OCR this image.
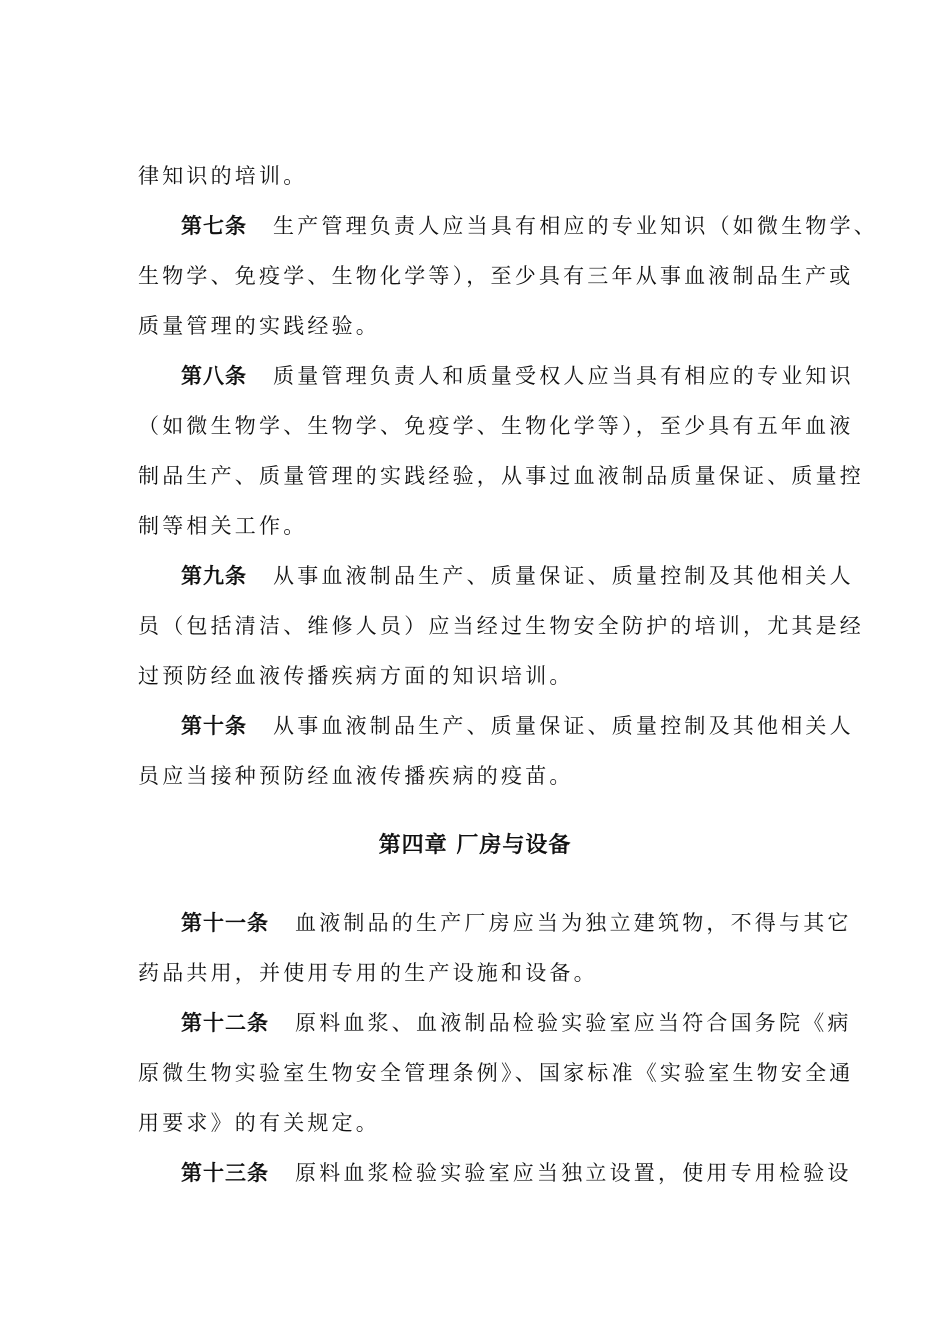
律知识的培训。
第七条 生产管理负责人应当具有相应的专业知识（如微生物学、
生物学、免疫学、生物化学等），至少具有三年从事血液制品生产或
质量管理的实践经验。
第八条 质量管理负责人和质量受权人应当具有相应的专业知识
（如微生物学、生物学、免疫学、生物化学等），至少具有五年血液
制品生产、质量管理的实践经验，从事过血液制品质量保证、质量控
制等相关工作。
第九条 从事血液制品生产、质量保证、质量控制及其他相关人
员（包括清洁、维修人员）应当经过生物安全防护的培训，尤其是经
过预防经血液传播疾病方面的知识培训。
第十条 从事血液制品生产、质量保证、质量控制及其他相关人
员应当接种预防经血液传播疾病的疫苗。
第四章 厂房与设备
第十一条 血液制品的生产厂房应当为独立建筑物，不得与其它
药品共用，并使用专用的生产设施和设备。
第十二条 原料血浆、血液制品检验实验室应当符合国务院《病
原微生物实验室生物安全管理条例》、国家标准《实验室生物安全通
用要求》的有关规定。
第十三条 原料血浆检验实验室应当独立设置，使用专用检验设
